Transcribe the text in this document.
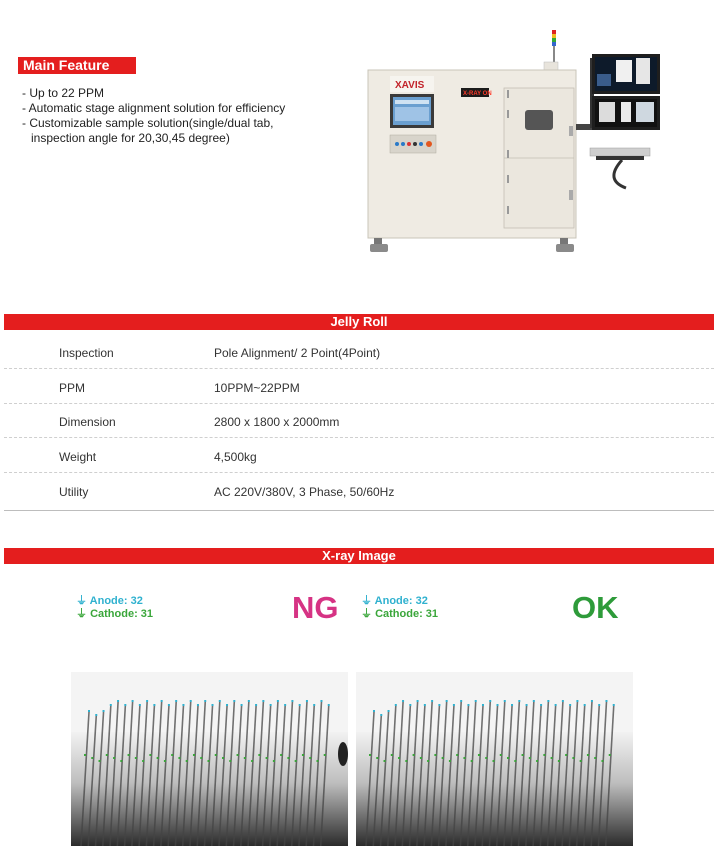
Main Feature
- Up to 22 PPM
- Automatic stage alignment solution for efficiency
- Customizable sample solution(single/dual tab,
inspection angle for 20,30,45 degree)
XAVIS
X-RAY ON
Jelly Roll
Inspection	Pole Alignment/ 2 Point(4Point)
PPM	10PPM~22PPM
Dimension	2800 x 1800 x 2000mm
Weight	4,500kg
Utility	AC 220V/380V, 3 Phase, 50/60Hz
X-ray Image
⏚ Anode: 32
⏚ Cathode: 31	NG ⏚ Anode: 32
⏚ Cathode: 31	OK
